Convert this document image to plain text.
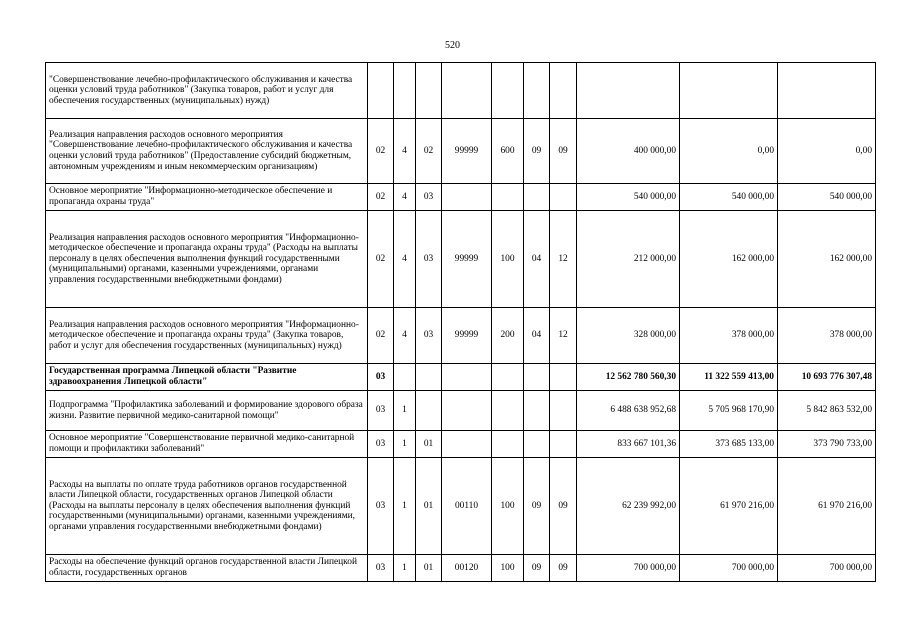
520
"Совершенствование лечебно-профилактического обслуживания и качества оценки условий труда работников" (Закупка товаров, работ и услуг для обеспечения государственных (муниципальных) нужд)										
Реализация направления расходов основного мероприятия "Совершенствование лечебно-профилактического обслуживания и качества оценки условий труда работников" (Предоставление субсидий бюджетным, автономным учреждениям и иным некоммерческим организациям)	02	4	02	99999	600	09	09	400 000,00	0,00	0,00
Основное мероприятие "Информационно-методическое обеспечение и пропаганда охраны труда"	02	4	03					540 000,00	540 000,00	540 000,00
Реализация направления расходов основного мероприятия "Информационно-методическое обеспечение и пропаганда охраны труда" (Расходы на выплаты персоналу в целях обеспечения выполнения функций государственными (муниципальными) органами, казенными учреждениями, органами управления государственными внебюджетными фондами)	02	4	03	99999	100	04	12	212 000,00	162 000,00	162 000,00
Реализация направления расходов основного мероприятия "Информационно-методическое обеспечение и пропаганда охраны труда" (Закупка товаров, работ и услуг для обеспечения государственных (муниципальных) нужд)	02	4	03	99999	200	04	12	328 000,00	378 000,00	378 000,00
Государственная программа Липецкой области "Развитие здравоохранения Липецкой области"	03							12 562 780 560,30	11 322 559 413,00	10 693 776 307,48
Подпрограмма "Профилактика заболеваний и формирование здорового образа жизни. Развитие первичной медико-санитарной помощи"	03	1						6 488 638 952,68	5 705 968 170,90	5 842 863 532,00
Основное мероприятие "Совершенствование первичной медико-санитарной помощи и профилактики заболеваний"	03	1	01					833 667 101,36	373 685 133,00	373 790 733,00
Расходы на выплаты по оплате труда работников органов государственной власти Липецкой области, государственных органов Липецкой области (Расходы на выплаты персоналу в целях обеспечения выполнения функций государственными (муниципальными) органами, казенными учреждениями, органами управления государственными внебюджетными фондами)	03	1	01	00110	100	09	09	62 239 992,00	61 970 216,00	61 970 216,00
Расходы на обеспечение функций органов государственной власти Липецкой области, государственных органов	03	1	01	00120	100	09	09	700 000,00	700 000,00	700 000,00
